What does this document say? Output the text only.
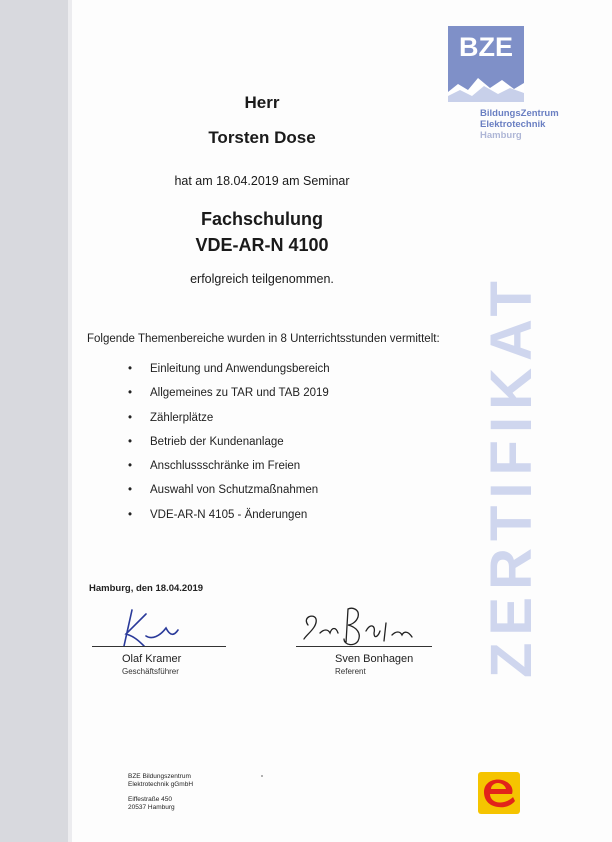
BZE
BildungsZentrum
Elektrotechnik
Hamburg
Herr
Torsten Dose
hat am 18.04.2019 am Seminar
Fachschulung
VDE-AR-N 4100
erfolgreich teilgenommen.
Folgende Themenbereiche wurden in 8 Unterrichtsstunden vermittelt:
• Einleitung und Anwendungsbereich
• Allgemeines zu TAR und TAB 2019
• Zählerplätze
• Betrieb der Kundenanlage
• Anschlussschränke im Freien
• Auswahl von Schutzmaßnahmen
• VDE-AR-N 4105 - Änderungen
Hamburg, den 18.04.2019
Olaf Kramer
Geschäftsführer
Sven Bonhagen
Referent ZERTIFIKAT
BZE Bildungszentrum
Elektrotechnik gGmbH
Eiffestraße 450
20537 Hamburg
